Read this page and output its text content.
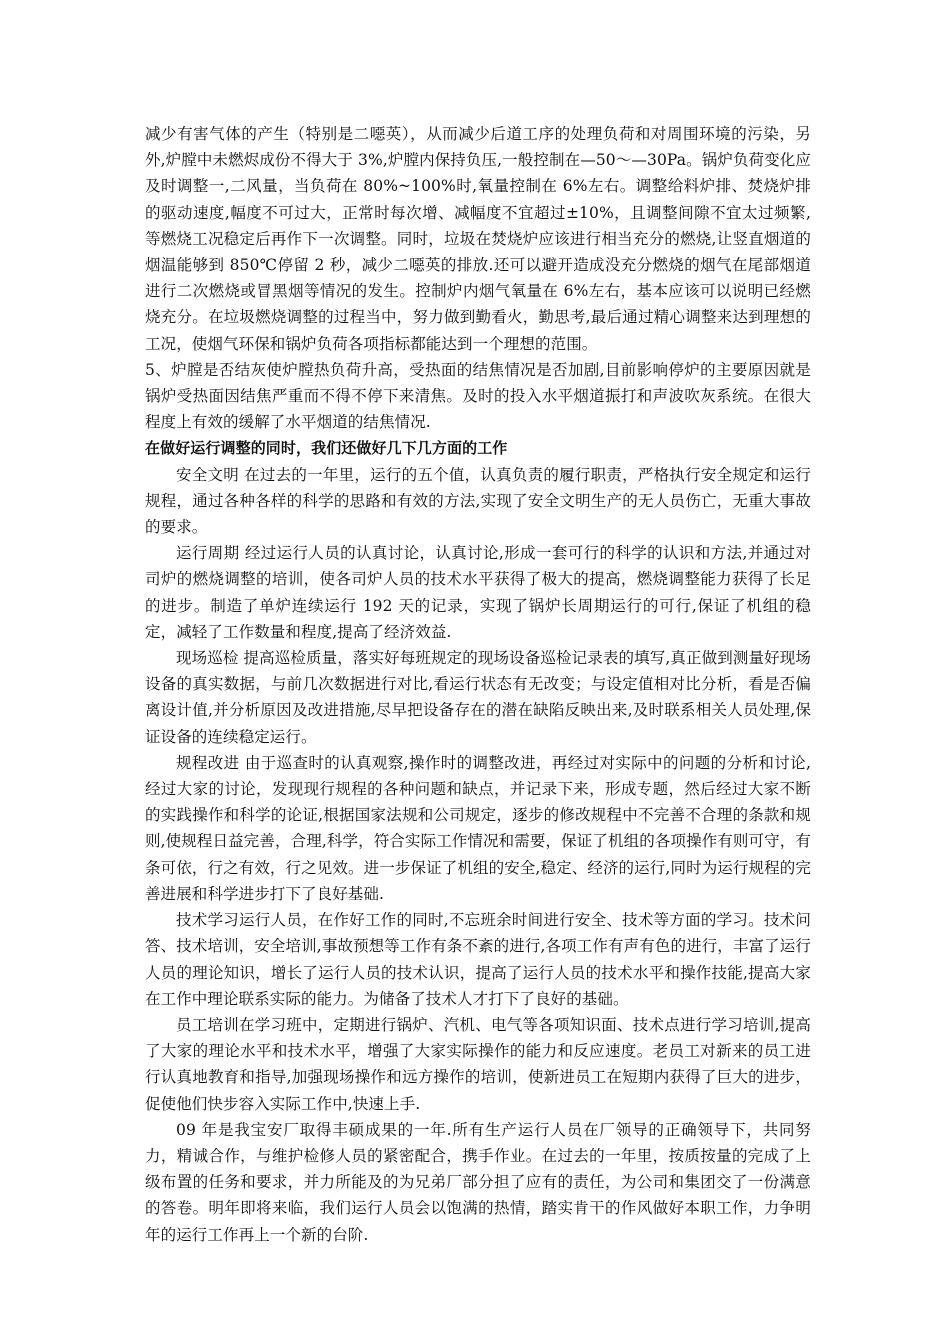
减少有害气体的产生（特别是二噁英），从而减少后道工序的处理负荷和对周围环境的污染，另外,炉膛中未燃烬成份不得大于 3%,炉膛内保持负压,一般控制在—50～—30Pa。锅炉负荷变化应及时调整一,二风量，当负荷在 80%~100%时,氧量控制在 6%左右。调整给料炉排、焚烧炉排的驱动速度,幅度不可过大，正常时每次增、减幅度不宜超过±10%，且调整间隙不宜太过频繁,等燃烧工况稳定后再作下一次调整。同时，垃圾在焚烧炉应该进行相当充分的燃烧,让竖直烟道的烟温能够到 850℃停留 2 秒，减少二噁英的排放.还可以避开造成没充分燃烧的烟气在尾部烟道进行二次燃烧或冒黑烟等情况的发生。控制炉内烟气氧量在 6%左右，基本应该可以说明已经燃烧充分。在垃圾燃烧调整的过程当中，努力做到勤看火，勤思考,最后通过精心调整来达到理想的工况，使烟气环保和锅炉负荷各项指标都能达到一个理想的范围。

5、炉膛是否结灰使炉膛热负荷升高，受热面的结焦情况是否加剧,目前影响停炉的主要原因就是锅炉受热面因结焦严重而不得不停下来清焦。及时的投入水平烟道振打和声波吹灰系统。在很大程度上有效的缓解了水平烟道的结焦情况.

在做好运行调整的同时，我们还做好几下几方面的工作

安全文明 在过去的一年里，运行的五个值，认真负责的履行职责，严格执行安全规定和运行规程，通过各种各样的科学的思路和有效的方法,实现了安全文明生产的无人员伤亡，无重大事故的要求。

运行周期 经过运行人员的认真讨论，认真讨论,形成一套可行的科学的认识和方法,并通过对司炉的燃烧调整的培训，使各司炉人员的技术水平获得了极大的提高，燃烧调整能力获得了长足的进步。制造了单炉连续运行 192 天的记录，实现了锅炉长周期运行的可行,保证了机组的稳定，减轻了工作数量和程度,提高了经济效益.

现场巡检 提高巡检质量，落实好每班规定的现场设备巡检记录表的填写,真正做到测量好现场设备的真实数据，与前几次数据进行对比,看运行状态有无改变；与设定值相对比分析，看是否偏离设计值,并分析原因及改进措施,尽早把设备存在的潜在缺陷反映出来,及时联系相关人员处理,保证设备的连续稳定运行。

规程改进 由于巡查时的认真观察,操作时的调整改进，再经过对实际中的问题的分析和讨论,经过大家的讨论，发现现行规程的各种问题和缺点，并记录下来，形成专题，然后经过大家不断的实践操作和科学的论证,根据国家法规和公司规定，逐步的修改规程中不完善不合理的条款和规则,使规程日益完善，合理,科学，符合实际工作情况和需要，保证了机组的各项操作有则可守，有条可依，行之有效，行之见效。进一步保证了机组的安全,稳定、经济的运行,同时为运行规程的完善进展和科学进步打下了良好基础.

技术学习运行人员，在作好工作的同时,不忘班余时间进行安全、技术等方面的学习。技术问答、技术培训，安全培训,事故预想等工作有条不紊的进行,各项工作有声有色的进行，丰富了运行人员的理论知识，增长了运行人员的技术认识，提高了运行人员的技术水平和操作技能,提高大家在工作中理论联系实际的能力。为储备了技术人才打下了良好的基础。

员工培训在学习班中，定期进行锅炉、汽机、电气等各项知识面、技术点进行学习培训,提高了大家的理论水平和技术水平，增强了大家实际操作的能力和反应速度。老员工对新来的员工进行认真地教育和指导,加强现场操作和远方操作的培训，使新进员工在短期内获得了巨大的进步，促使他们快步容入实际工作中,快速上手.

09 年是我宝安厂取得丰硕成果的一年.所有生产运行人员在厂领导的正确领导下，共同努力，精诚合作，与维护检修人员的紧密配合，携手作业。在过去的一年里，按质按量的完成了上级布置的任务和要求，并力所能及的为兄弟厂部分担了应有的责任，为公司和集团交了一份满意的答卷。明年即将来临，我们运行人员会以饱满的热情，踏实肯干的作风做好本职工作，力争明年的运行工作再上一个新的台阶.
